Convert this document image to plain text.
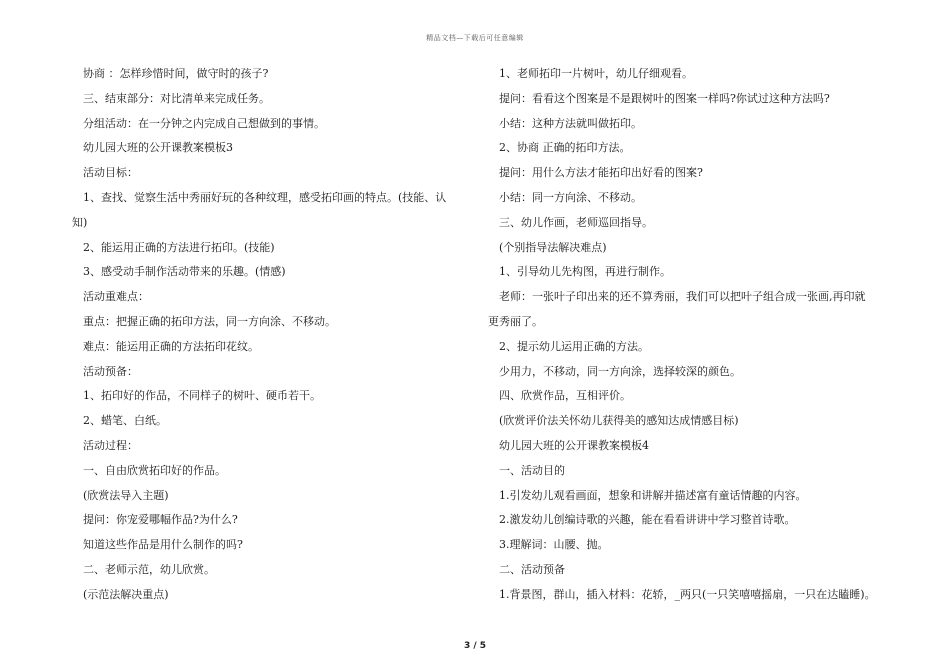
精品文档—下载后可任意编辑
协商 ：怎样珍惜时间，做守时的孩子?
三、结束部分：对比清单来完成任务。
分组活动：在一分钟之内完成自己想做到的事情。
幼儿园大班的公开课教案模板3
活动目标：
1、查找、觉察生活中秀丽好玩的各种纹理，感受拓印画的特点。(技能、认
知)
2、能运用正确的方法进行拓印。(技能)
3、感受动手制作活动带来的乐趣。(情感)
活动重难点：
重点：把握正确的拓印方法，同一方向涂、不移动。
难点：能运用正确的方法拓印花纹。
活动预备：
1、拓印好的作品，不同样子的树叶、硬币若干。
2、蜡笔、白纸。
活动过程：
一、自由欣赏拓印好的作品。
(欣赏法导入主题)
提问：你宠爱哪幅作品?为什么?
知道这些作品是用什么制作的吗?
二、老师示范，幼儿欣赏。
(示范法解决重点)
1、老师拓印一片树叶，幼儿仔细观看。
提问：看看这个图案是不是跟树叶的图案一样吗?你试过这种方法吗?
小结：这种方法就叫做拓印。
2、协商 正确的拓印方法。
提问：用什么方法才能拓印出好看的图案?
小结：同一方向涂、不移动。
三、幼儿作画，老师巡回指导。
(个别指导法解决难点)
1、引导幼儿先构图，再进行制作。
老师：一张叶子印出来的还不算秀丽，我们可以把叶子组合成一张画,再印就
更秀丽了。
2、提示幼儿运用正确的方法。
少用力，不移动，同一方向涂，选择较深的颜色。
四、欣赏作品，互相评价。
(欣赏评价法关怀幼儿获得美的感知达成情感目标)
幼儿园大班的公开课教案模板4
一、活动目的
1.引发幼儿观看画面，想象和讲解并描述富有童话情趣的内容。
2.激发幼儿创编诗歌的兴趣，能在看看讲讲中学习整首诗歌。
3.理解词：山腰、抛。
二、活动预备
1.背景图，群山，插入材料：花轿，_两只(一只笑嘻嘻摇扇，一只在达瞌睡)。
3 / 5
